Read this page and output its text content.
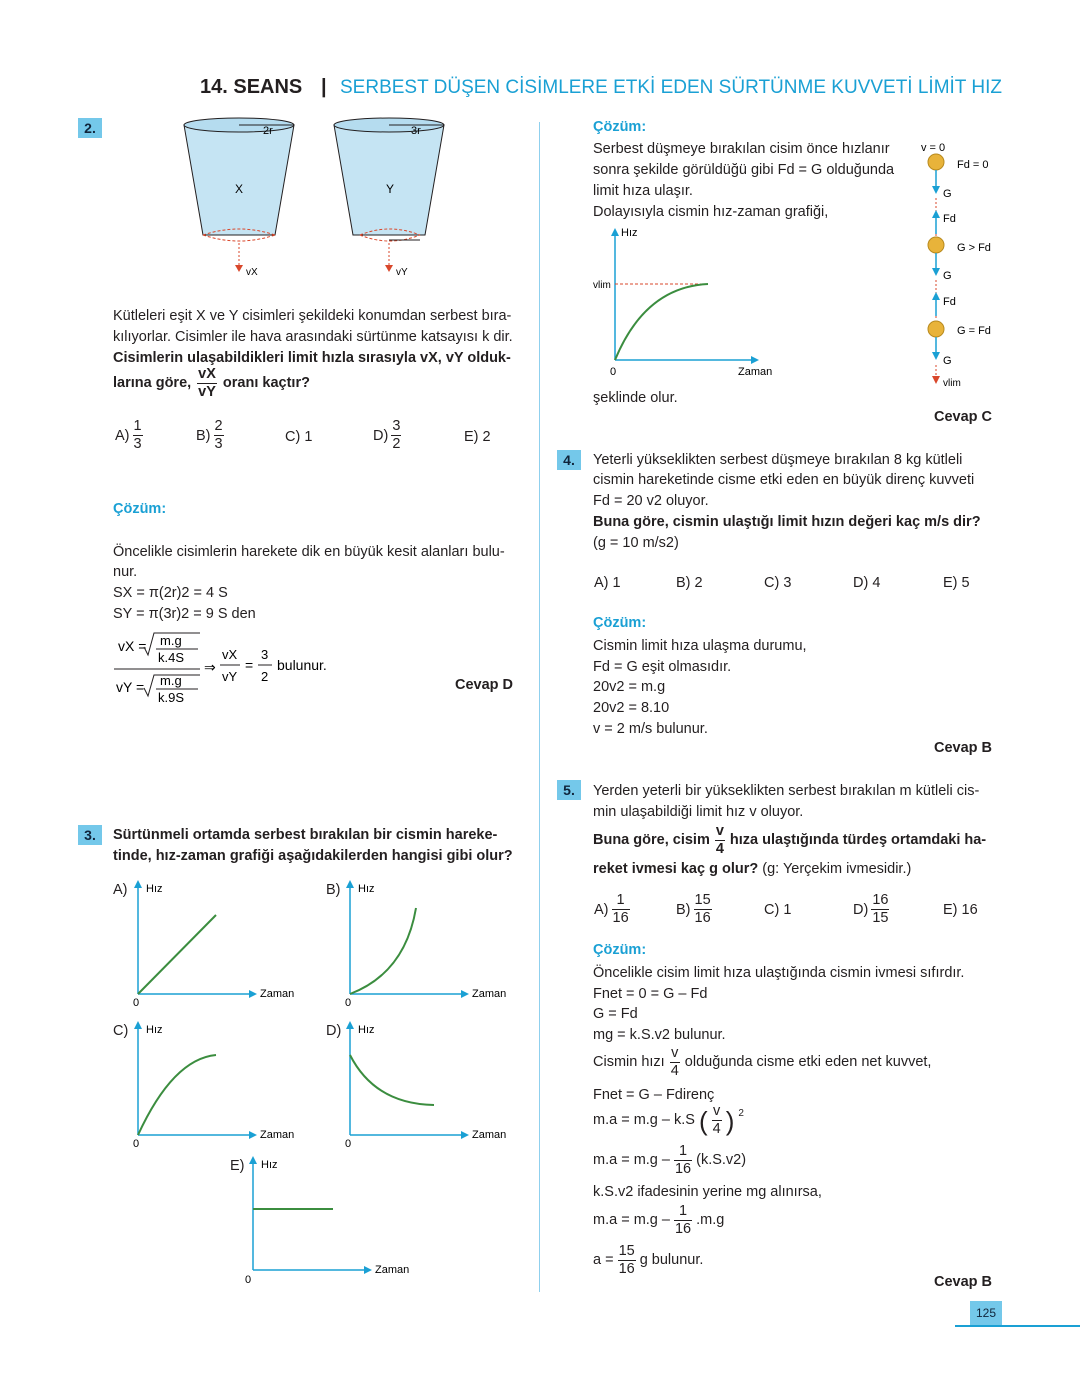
14. SEANS | SERBEST DÜŞEN CİSİMLERE ETKİ EDEN SÜRTÜNME KUVVETİ LİMİT HIZ
2.	2r
X
vX
3r
Y
vY
Kütleleri eşit X ve Y cisimleri şekildeki konumdan serbest bıra-
kılıyorlar. Cisimler ile hava arasındaki sürtünme katsayısı k dir.
Cisimlerin ulaşabildikleri limit hızla sırasıyla vX, vY olduk-
larına göre, $\frac{vX}{vY}$ oranı kaçtır?
$A) \frac{1}{3}$	$B) \frac{2}{3}$	C) 1	$D) \frac{3}{2}$	E) 2
Çözüm:
Öncelikle cisimlerin harekete dik en büyük kesit alanları bulu-
nur.
SX = π(2r)2 = 4 S
SY = π(3r)2 = 9 S den
vX = m.g
k.4S
vY = m.g
k.9S
⇒
vX
vY
=
3
2
bulunur.
Cevap D
3.	Sürtünmeli ortamda serbest bırakılan bir cismin hareke-
tinde, hız-zaman grafiği aşağıdakilerden hangisi gibi olur?
A) Hız
Zaman
0
B) Hız
Zaman
0
C) Hız
Zaman
0
D) Hız
Zaman
0
E) Hız
Zaman
0
Çözüm:
Serbest düşmeye bırakılan cisim önce hızlanır
sonra şekilde görüldüğü gibi Fd = G olduğunda
limit hıza ulaşır.
Dolayısıyla cismin hız-zaman grafiği,
Hız
Zaman
0
vlim
şeklinde olur.
v = 0
Fd = 0
G
Fd
G > Fd
G
Fd
G = Fd
G
vlim
Cevap C
4.	Yeterli yükseklikten serbest düşmeye bırakılan 8 kg kütleli
cismin hareketinde cisme etki eden en büyük direnç kuvveti
Fd = 20 v2 oluyor.
Buna göre, cismin ulaştığı limit hızın değeri kaç m/s dir?
(g = 10 m/s2)
A) 1	B) 2	C) 3	D) 4	E) 5
Çözüm:
Cismin limit hıza ulaşma durumu,
Fd = G eşit olmasıdır.
20v2 = m.g
20v2 = 8.10
v = 2 m/s bulunur.
Cevap B
5.	Yerden yeterli bir yükseklikten serbest bırakılan m kütleli cis-
min ulaşabildiği limit hız v oluyor.
Buna göre, cisim $\frac{v}{4}$ hıza ulaştığında türdeş ortamdaki ha-
reket ivmesi kaç g olur? (g: Yerçekim ivmesidir.)
$A) \frac{1}{16}$	$B) \frac{15}{16}$	C) 1	$D) \frac{16}{15}$	E) 16
Çözüm:
Öncelikle cisim limit hıza ulaştığında cismin ivmesi sıfırdır.
Fnet = 0 = G – Fd
G = Fd
mg = k.S.v2 bulunur.
Cismin hızı $\frac{v}{4}$ olduğunda cisme etki eden net kuvvet,
Fnet = G – Fdirenç
m.a = m.g – k.S ( $\frac{v}{4}$ ) $^2$
$m.a = m.g - \frac{1}{16} (k.S.v2)$
k.S.v2 ifadesinin yerine mg alınırsa,
$m.a = m.g - \frac{1}{16} .m.g$
$a = \frac{15}{16}$ g bulunur.
Cevap B
125
